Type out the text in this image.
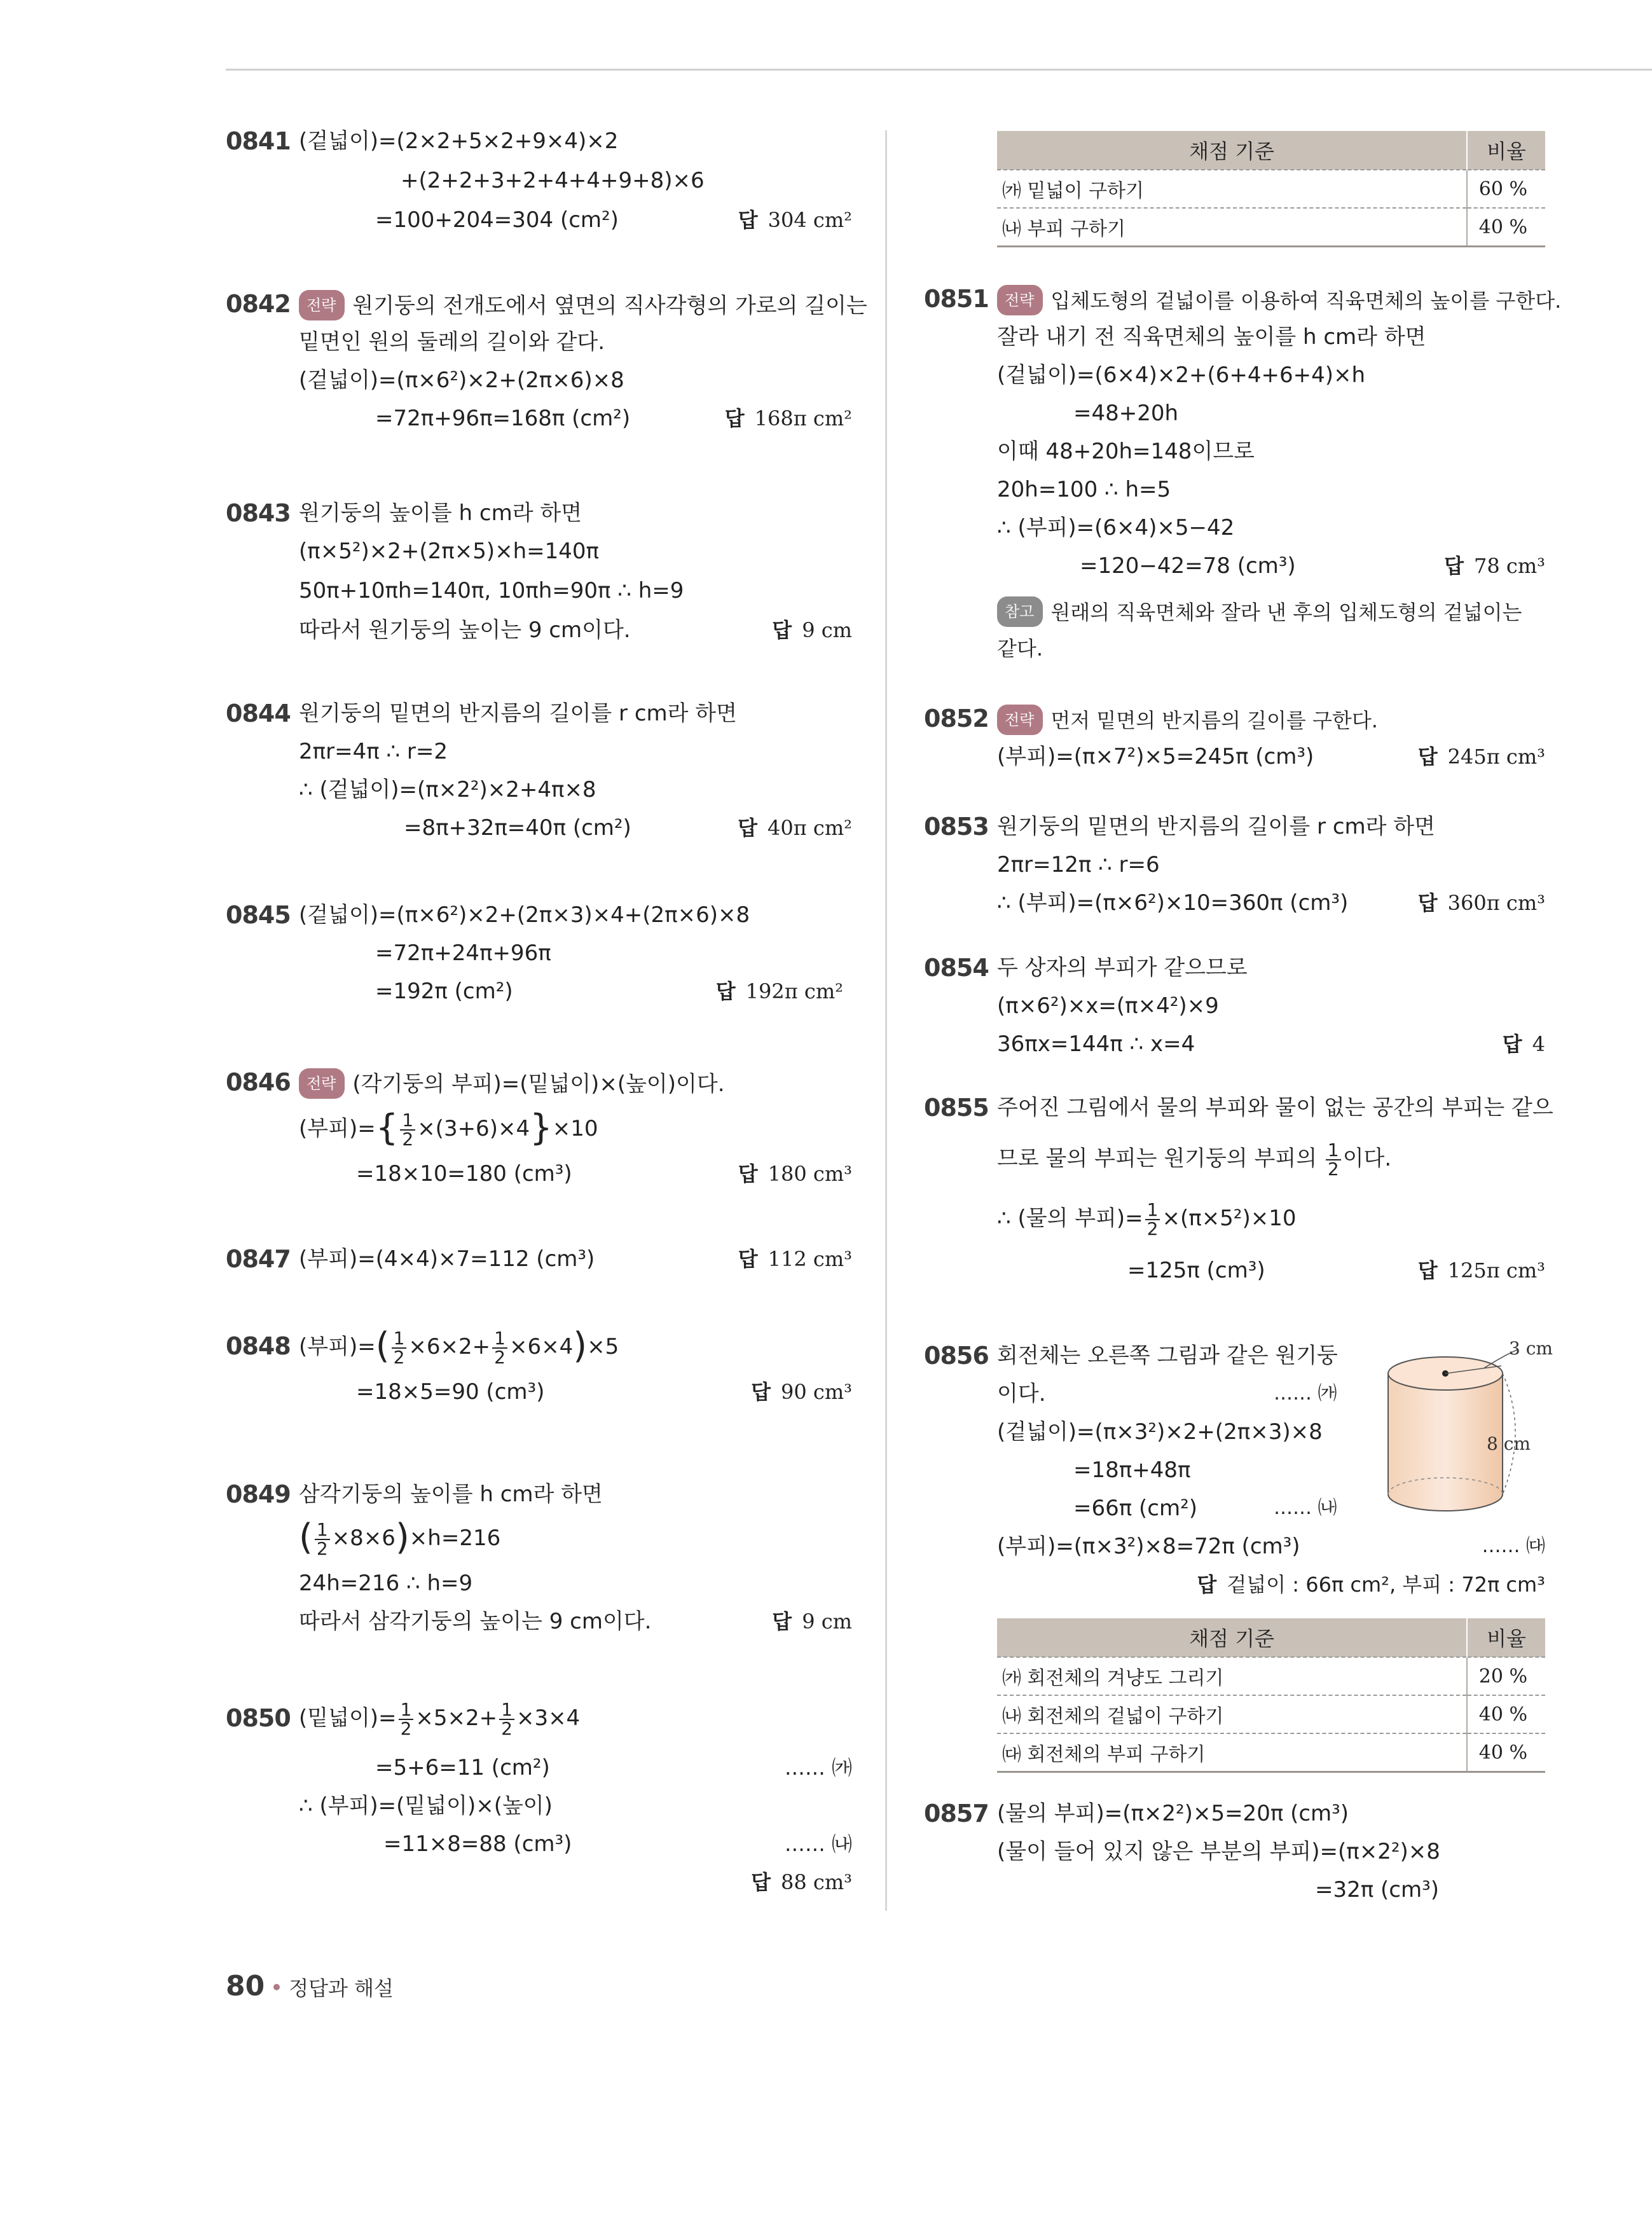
0841 (겉넓이)=(2×2+5×2+9×4)×2
+(2+2+3+2+4+4+9+8)×6
=100+204=304 (cm²)	답 304 cm²
0842	전략 원기둥의 전개도에서 옆면의 직사각형의 가로의 길이는
밑면인 원의 둘레의 길이와 같다.
(겉넓이)=(π×6²)×2+(2π×6)×8
=72π+96π=168π (cm²)	답 168π cm²
0843 원기둥의 높이를 h cm라 하면
(π×5²)×2+(2π×5)×h=140π
50π+10πh=140π, 10πh=90π ∴ h=9
따라서 원기둥의 높이는 9 cm이다.	답 9 cm
0844 원기둥의 밑면의 반지름의 길이를 r cm라 하면
2πr=4π ∴ r=2
∴ (겉넓이)=(π×2²)×2+4π×8
=8π+32π=40π (cm²)	답 40π cm²
0845 (겉넓이)=(π×6²)×2+(2π×3)×4+(2π×6)×8
=72π+24π+96π
=192π (cm²)	답 192π cm²
0846	전략 (각기둥의 부피)=(밑넓이)×(높이)이다.
(부피)={ $\frac{1}{2} \times(3+6)\times 4\}\times 10$
=18×10=180 (cm³)	답 180 cm³
0847 (부피)=(4×4)×7=112 (cm³)	답 112 cm³
0848 (부피)=( $\frac{1}{2} \times 6\times 2+ \frac{1}{2} \times 6\times 4)\times 5$
=18×5=90 (cm³)	답 90 cm³
0849 삼각기둥의 높이를 h cm라 하면
( $\frac{1}{2} \times 8\times 6)\times h=216$
24h=216 ∴ h=9
따라서 삼각기둥의 높이는 9 cm이다.	답 9 cm
0850 (밑넓이)= $\frac{1}{2} \times 5\times 2+ \frac{1}{2} \times 3\times 4$
=5+6=11 (cm²)	…… ㈎
∴ (부피)=(밑넓이)×(높이)
=11×8=88 (cm³)	…… ㈏
답 88 cm³
채점 기준	비율
㈎ 밑넓이 구하기	60 %
㈏ 부피 구하기	40 %
0851	전략 입체도형의 겉넓이를 이용하여 직육면체의 높이를 구한다.
잘라 내기 전 직육면체의 높이를 h cm라 하면
(겉넓이)=(6×4)×2+(6+4+6+4)×h
=48+20h
이때 48+20h=148이므로
20h=100 ∴ h=5
∴ (부피)=(6×4)×5−42
=120−42=78 (cm³)	답 78 cm³
참고 원래의 직육면체와 잘라 낸 후의 입체도형의 겉넓이는
같다.
0852	전략 먼저 밑면의 반지름의 길이를 구한다.
(부피)=(π×7²)×5=245π (cm³)	답 245π cm³
0853 원기둥의 밑면의 반지름의 길이를 r cm라 하면
2πr=12π ∴ r=6
∴ (부피)=(π×6²)×10=360π (cm³)	답 360π cm³
0854 두 상자의 부피가 같으므로
(π×6²)×x=(π×4²)×9
36πx=144π ∴ x=4	답 4
0855 주어진 그림에서 물의 부피와 물이 없는 공간의 부피는 같으
므로 물의 부피는 원기둥의 부피의 $\frac{1}{2}$ 이다.
∴ (물의 부피)= $\frac{1}{2} \times(\pi\times 5^2)\times 10$
=125π (cm³)	답 125π cm³
0856 회전체는 오른쪽 그림과 같은 원기둥
이다.	…… ㈎
(겉넓이)=(π×3²)×2+(2π×3)×8
=18π+48π
=66π (cm²)	…… ㈏
(부피)=(π×3²)×8=72π (cm³)	…… ㈐
답 겉넓이 : 66π cm², 부피 : 72π cm³
3 cm
8 cm
채점 기준	비율
㈎ 회전체의 겨냥도 그리기	20 %
㈏ 회전체의 겉넓이 구하기	40 %
㈐ 회전체의 부피 구하기	40 %
0857 (물의 부피)=(π×2²)×5=20π (cm³)
(물이 들어 있지 않은 부분의 부피)=(π×2²)×8
=32π (cm³)
80 정답과 해설
